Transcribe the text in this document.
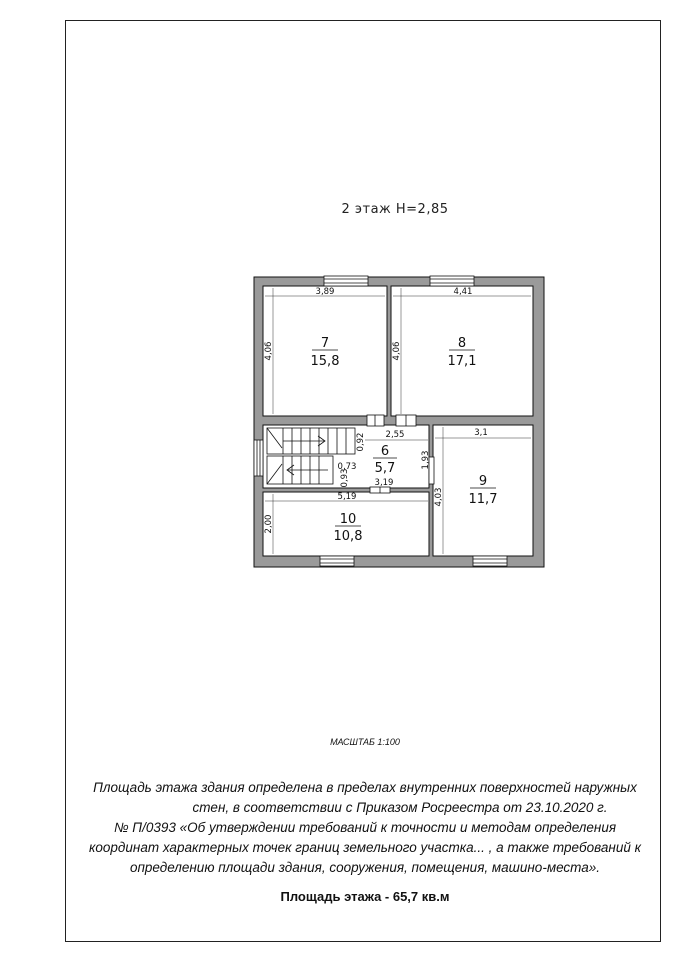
2 этаж H=2,85
7
15,8
8
17,1
6
5,7
9
11,7
10
10,8
3,89	4,41
4,06	4,06
2,55
1,93
3,1
4,03
5,19
2,00
0,92
0,93
0,73
3,19
МАСШТАБ 1:100
Площадь этажа здания определена в пределах внутренних поверхностей наружных
стен, в соответствии с Приказом Росреестра от 23.10.2020 г.
№ П/0393 «Об утверждении требований к точности и методам определения
координат характерных точек границ земельного участка... , а также требований к
определению площади здания, сооружения, помещения, машино-места».
Площадь этажа - 65,7 кв.м
